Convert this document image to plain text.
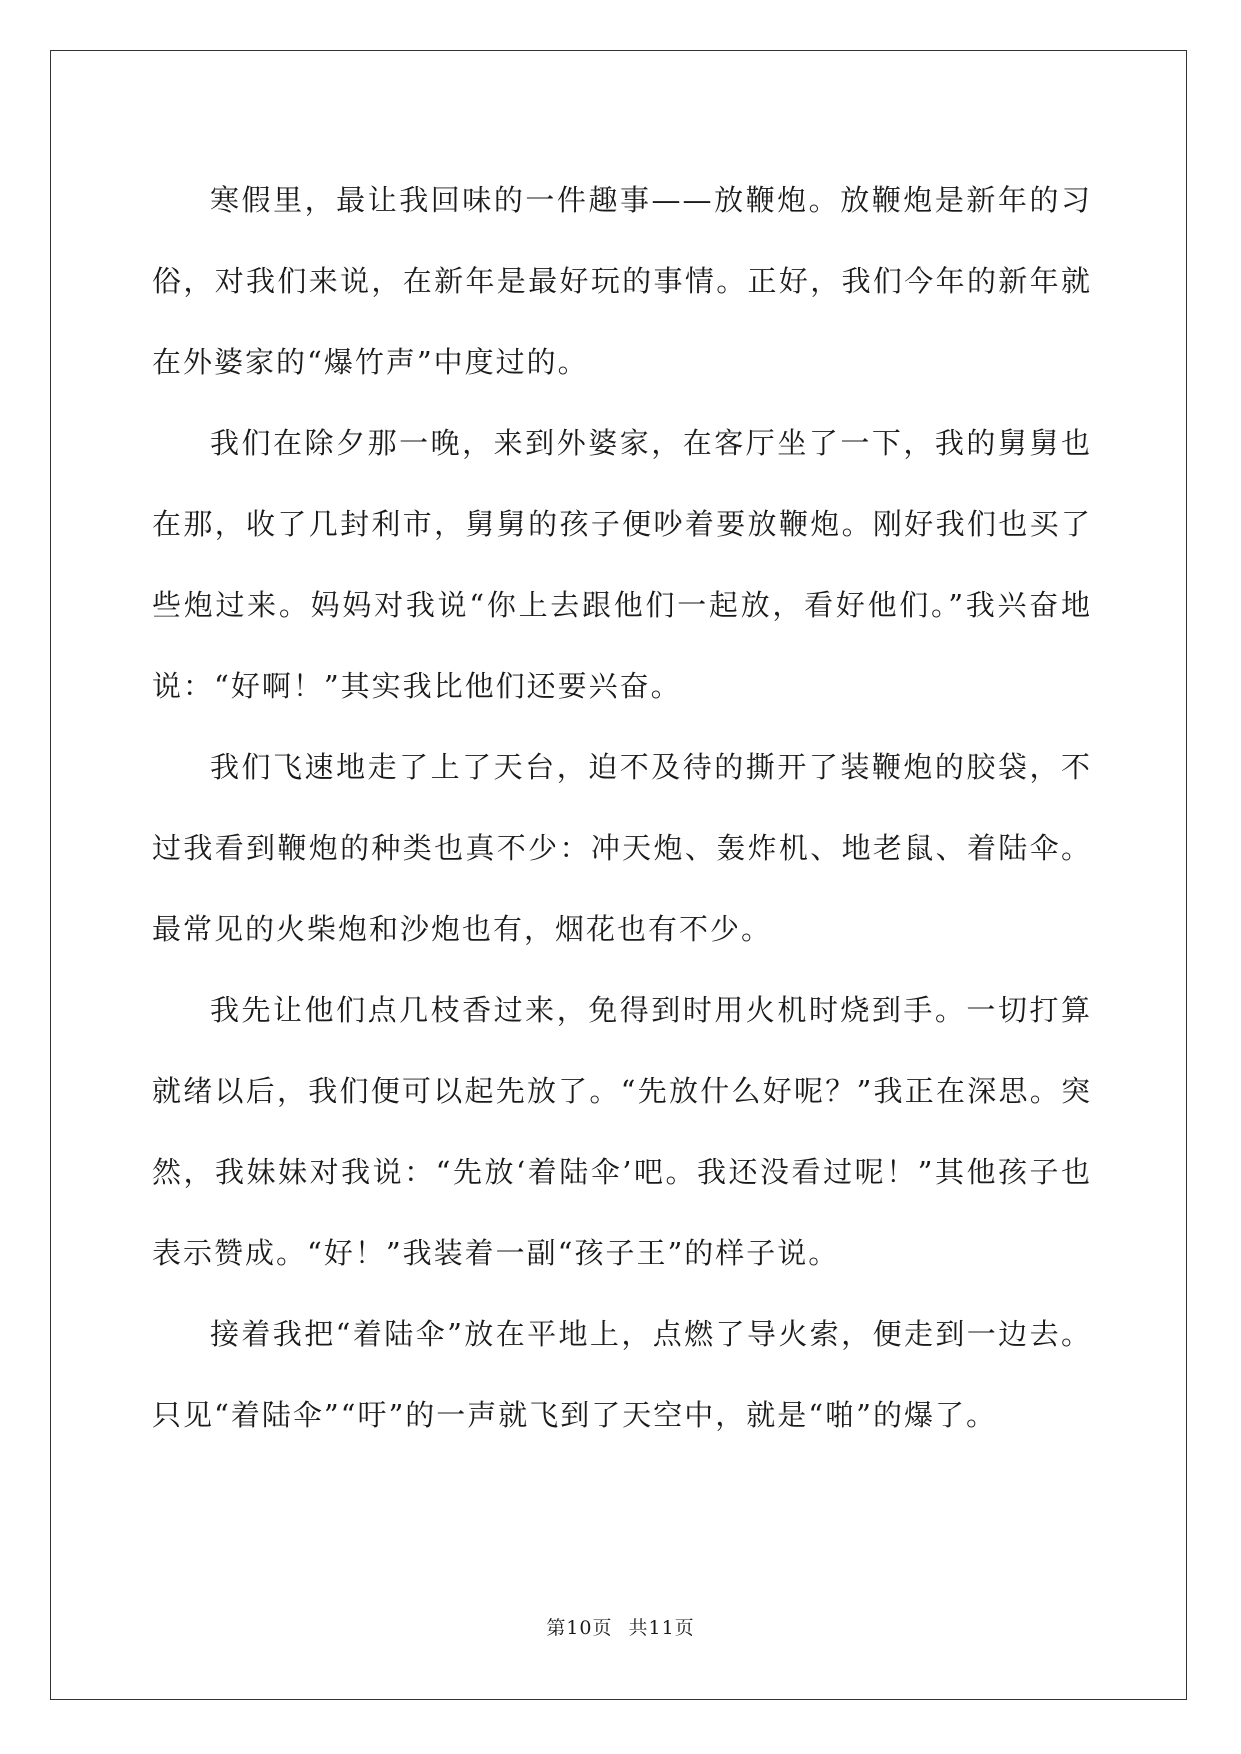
寒假里，最让我回味的一件趣事——放鞭炮。放鞭炮是新年的习俗，对我们来说，在新年是最好玩的事情。正好，我们今年的新年就在外婆家的“爆竹声”中度过的。

我们在除夕那一晚，来到外婆家，在客厅坐了一下，我的舅舅也在那，收了几封利市，舅舅的孩子便吵着要放鞭炮。刚好我们也买了些炮过来。妈妈对我说“你上去跟他们一起放，看好他们。”我兴奋地说：“好啊！”其实我比他们还要兴奋。

我们飞速地走了上了天台，迫不及待的撕开了装鞭炮的胶袋，不过我看到鞭炮的种类也真不少：冲天炮、轰炸机、地老鼠、着陆伞。最常见的火柴炮和沙炮也有，烟花也有不少。

我先让他们点几枝香过来，免得到时用火机时烧到手。一切打算就绪以后，我们便可以起先放了。“先放什么好呢？”我正在深思。突然，我妹妹对我说：“先放‘着陆伞’吧。我还没看过呢！”其他孩子也表示赞成。“好！”我装着一副“孩子王”的样子说。

接着我把“着陆伞”放在平地上，点燃了导火索，便走到一边去。只见“着陆伞”“吁”的一声就飞到了天空中，就是“啪”的爆了。

第10页 共11页
